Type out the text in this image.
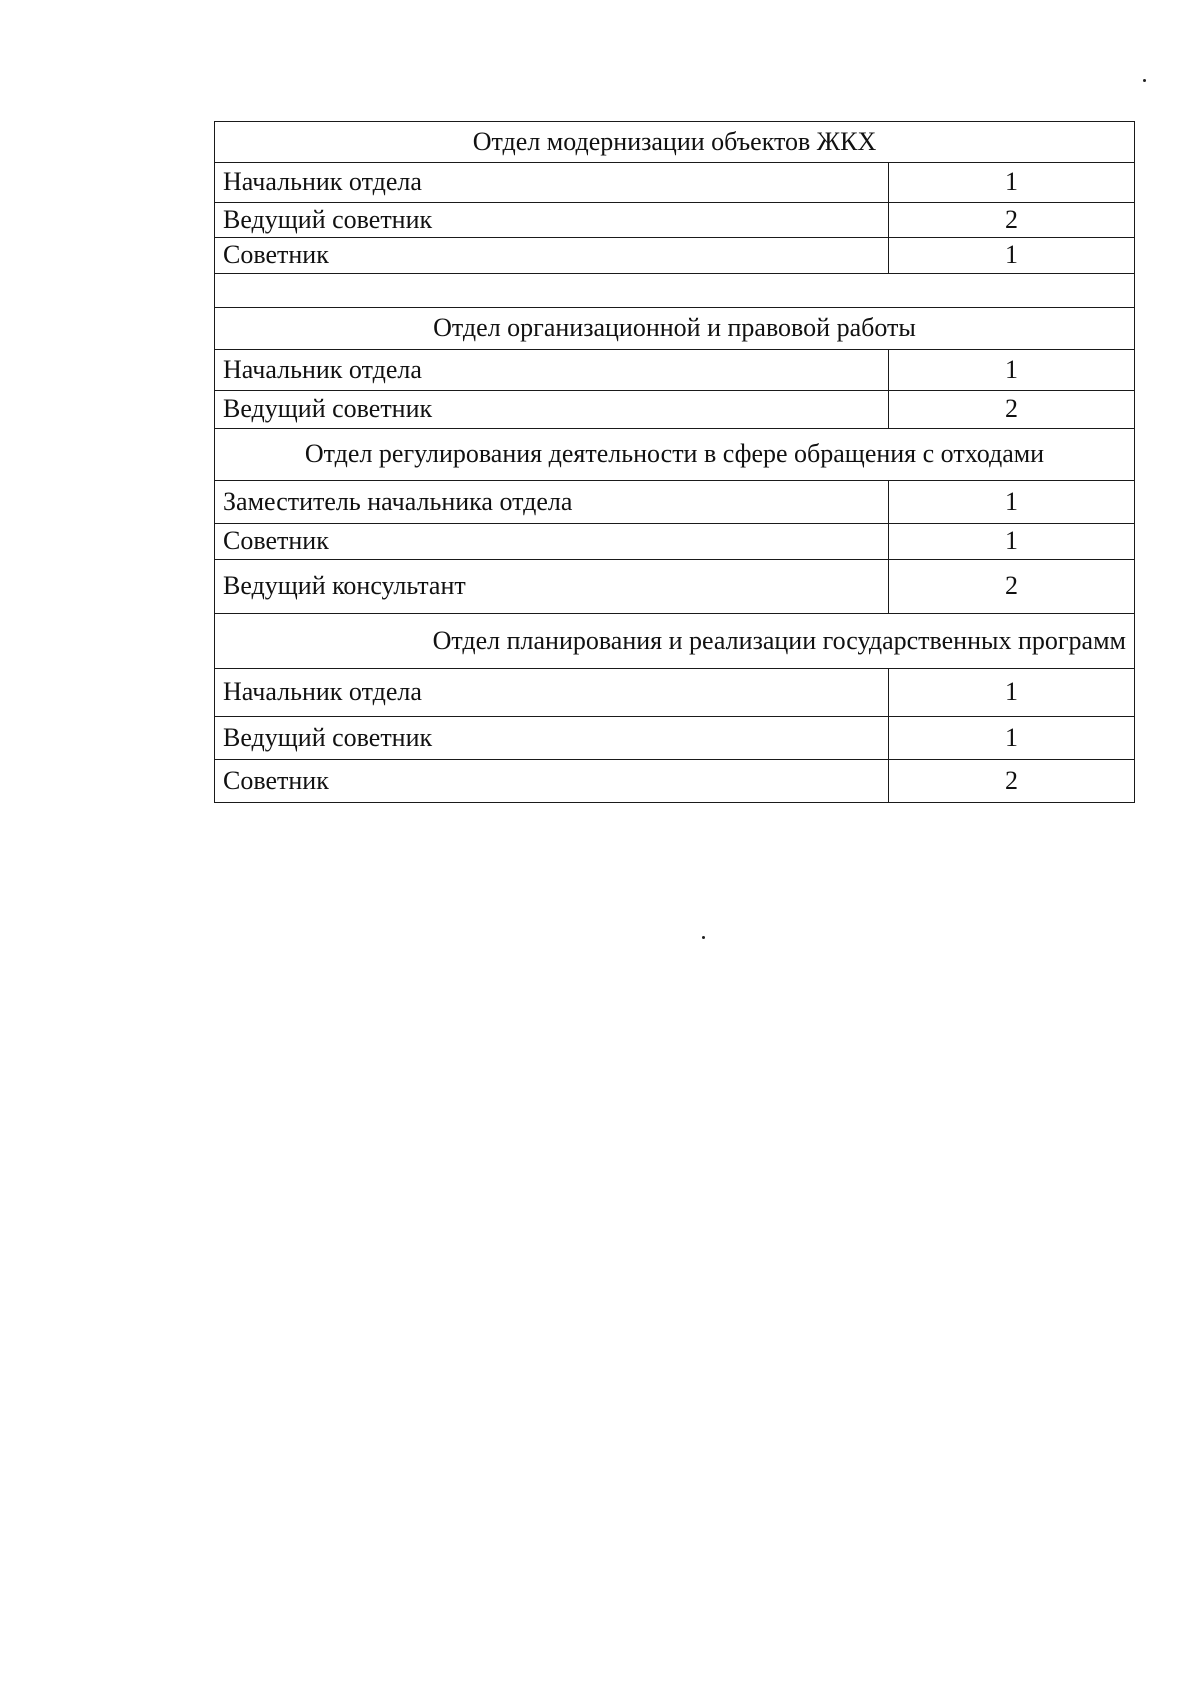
Отдел модернизации объектов ЖКХ	
Начальник отдела	1
Ведущий советник	2
Советник	1

Отдел организационной и правовой работы	
Начальник отдела	1
Ведущий советник	2
Отдел регулирования деятельности в сфере обращения с отходами	
Заместитель начальника отдела	1
Советник	1
Ведущий консультант	2
Отдел планирования и реализации государственных программ	
Начальник отдела	1
Ведущий советник	1
Советник	2
